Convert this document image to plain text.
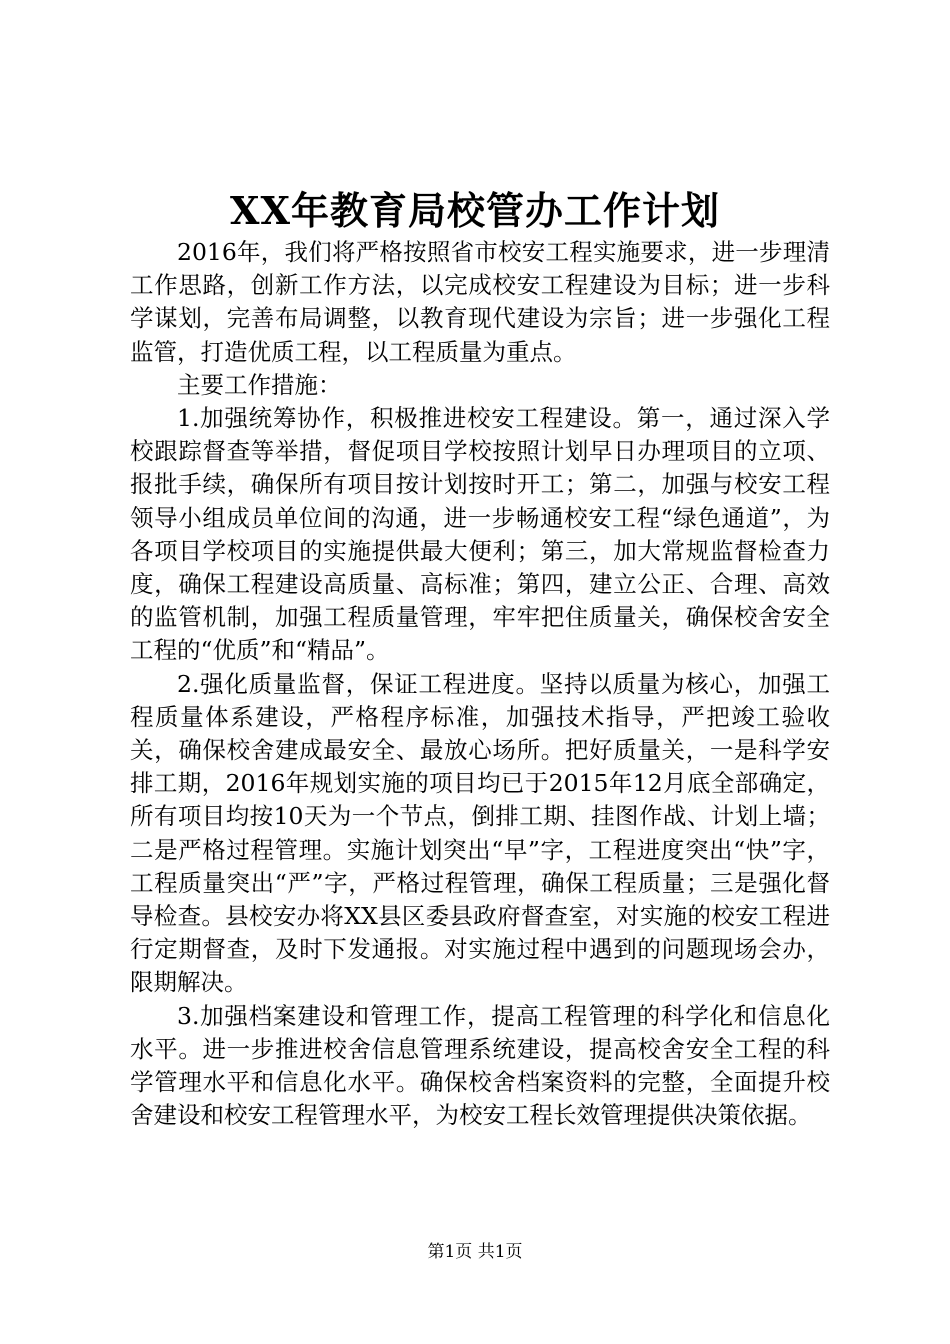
XX年教育局校管办工作计划

2016年，我们将严格按照省市校安工程实施要求，进一步理清工作思路，创新工作方法，以完成校安工程建设为目标；进一步科学谋划，完善布局调整，以教育现代建设为宗旨；进一步强化工程监管，打造优质工程，以工程质量为重点。

主要工作措施：

1.加强统筹协作，积极推进校安工程建设。第一，通过深入学校跟踪督查等举措，督促项目学校按照计划早日办理项目的立项、报批手续，确保所有项目按计划按时开工；第二，加强与校安工程领导小组成员单位间的沟通，进一步畅通校安工程“绿色通道”，为各项目学校项目的实施提供最大便利；第三，加大常规监督检查力度，确保工程建设高质量、高标准；第四，建立公正、合理、高效的监管机制，加强工程质量管理，牢牢把住质量关，确保校舍安全工程的“优质”和“精品”。

2.强化质量监督，保证工程进度。坚持以质量为核心，加强工程质量体系建设，严格程序标准，加强技术指导，严把竣工验收关，确保校舍建成最安全、最放心场所。把好质量关，一是科学安排工期，2016年规划实施的项目均已于2015年12月底全部确定，所有项目均按10天为一个节点，倒排工期、挂图作战、计划上墙；二是严格过程管理。实施计划突出“早”字，工程进度突出“快”字，工程质量突出“严”字，严格过程管理，确保工程质量；三是强化督导检查。县校安办将XX县区委县政府督查室，对实施的校安工程进行定期督查，及时下发通报。对实施过程中遇到的问题现场会办，限期解决。

3.加强档案建设和管理工作，提高工程管理的科学化和信息化水平。进一步推进校舍信息管理系统建设，提高校舍安全工程的科学管理水平和信息化水平。确保校舍档案资料的完整，全面提升校舍建设和校安工程管理水平，为校安工程长效管理提供决策依据。

第1页 共1页
